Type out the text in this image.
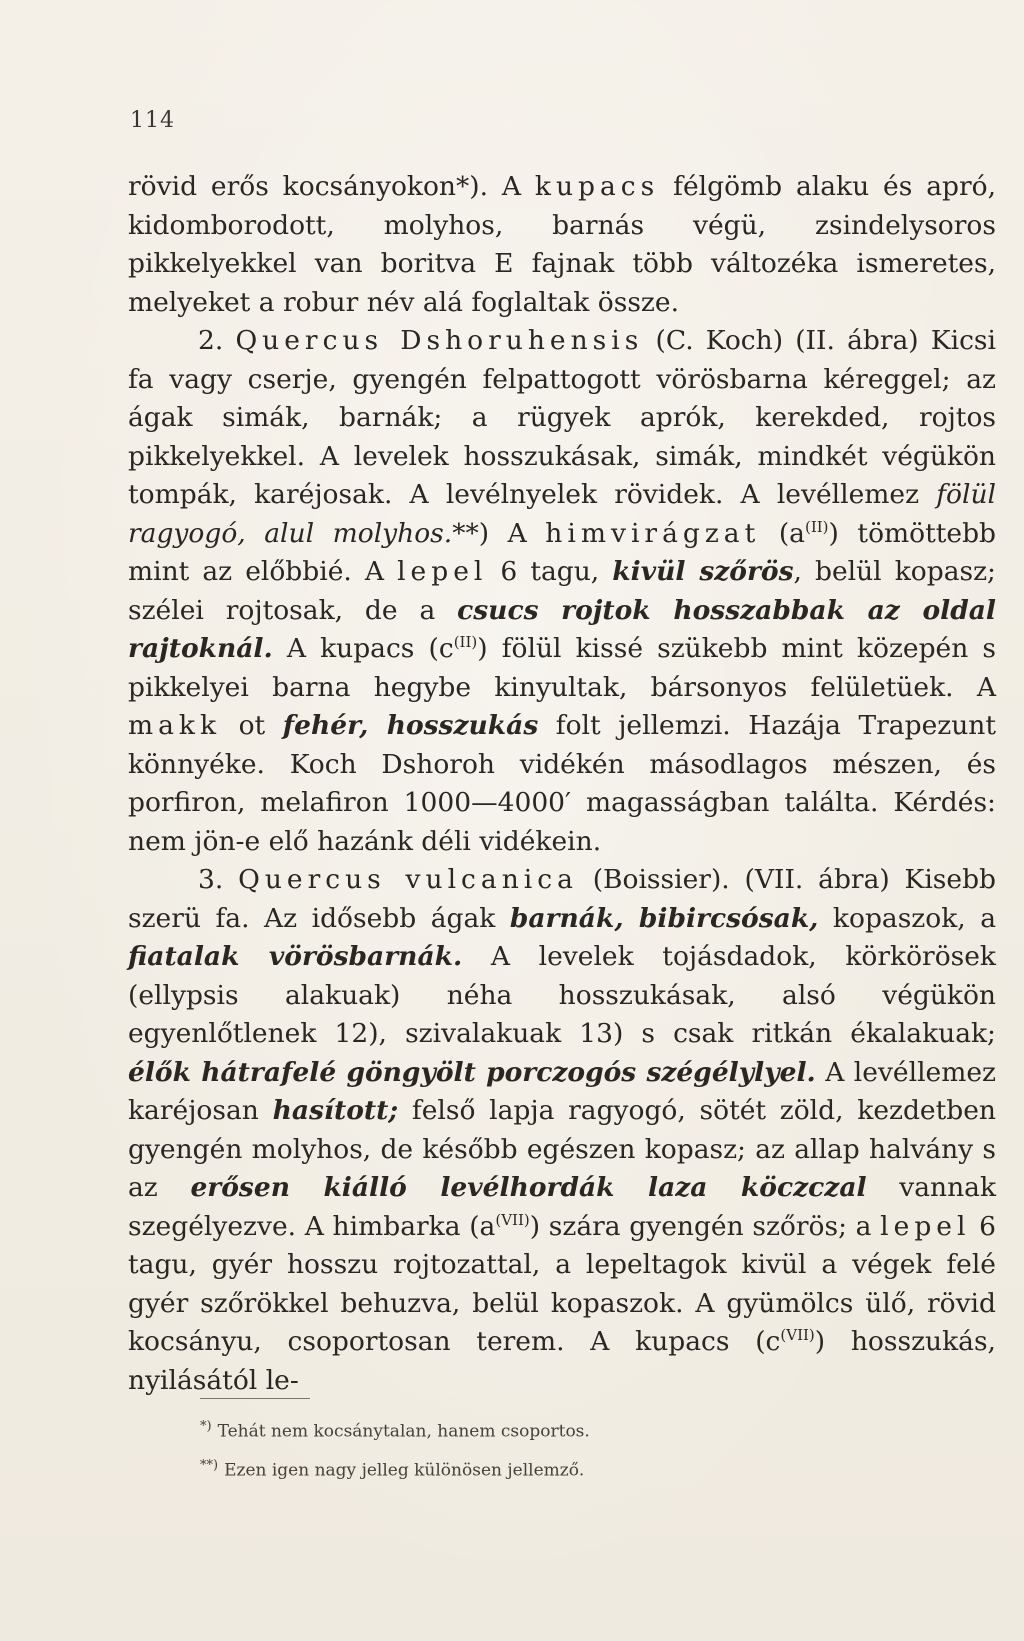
114

rövid erős kocsányokon*). A kupacs félgömb alaku és apró, kidomborodott, molyhos, barnás végü, zsindelysoros pikkelyekkel van boritva E fajnak több változéka ismeretes, melyeket a robur név alá foglaltak össze.

2. Quercus Dshoruhensis (C. Koch) (II. ábra) Kicsi fa vagy cserje, gyengén felpattogott vörösbarna kéreggel; az ágak simák, barnák; a rügyek aprók, kerekded, rojtos pikkelyekkel. A levelek hosszukásak, simák, mindkét végükön tompák, karéjosak. A levélnyelek rövidek. A levéllemez fölül ragyogó, alul molyhos.**) A himvirágzat $(a^{(II)})$ tömöttebb mint az előbbié. A lepel 6 tagu, kivül szőrös, belül kopasz; szélei rojtosak, de a csucs rojtok hosszabbak az oldal rajtoknál. A kupacs $(c^{(II)})$ fölül kissé szükebb mint közepén s pikkelyei barna hegybe kinyultak, bársonyos felületüek. A makk ot fehér, hosszukás folt jellemzi. Hazája Trapezunt könnyéke. Koch Dshoroh vidékén másodlagos mészen, és porfiron, melafiron 1000—4000′ magasságban találta. Kérdés: nem jön-e elő hazánk déli vidékein.

3. Quercus vulcanica (Boissier). (VII. ábra) Kisebb szerü fa. Az idősebb ágak barnák, bibircsósak, kopaszok, a fiatalak vörösbarnák. A levelek tojásdadok, körkörösek (ellypsis alakuak) néha hosszukásak, alsó végükön egyenlőtlenek 12), szivalakuak 13) s csak ritkán ékalakuak; élők hátrafelé göngyölt porczogós szégélylyel. A levéllemez karéjosan hasított; felső lapja ragyogó, sötét zöld, kezdetben gyengén molyhos, de később egészen kopasz; az allap halvány s az erősen kiálló levélhordák laza köczczal vannak szegélyezve. A himbarka $(a^{(VII)})$ szára gyengén szőrös; a lepel 6 tagu, gyér hosszu rojtozattal, a lepeltagok kivül a végek felé gyér szőrökkel behuzva, belül kopaszok. A gyümölcs ülő, rövid kocsányu, csoportosan terem. A kupacs $(c^{(VII)})$ hosszukás, nyilásától le-

*) Tehát nem kocsánytalan, hanem csoportos.

**) Ezen igen nagy jelleg különösen jellemző.
